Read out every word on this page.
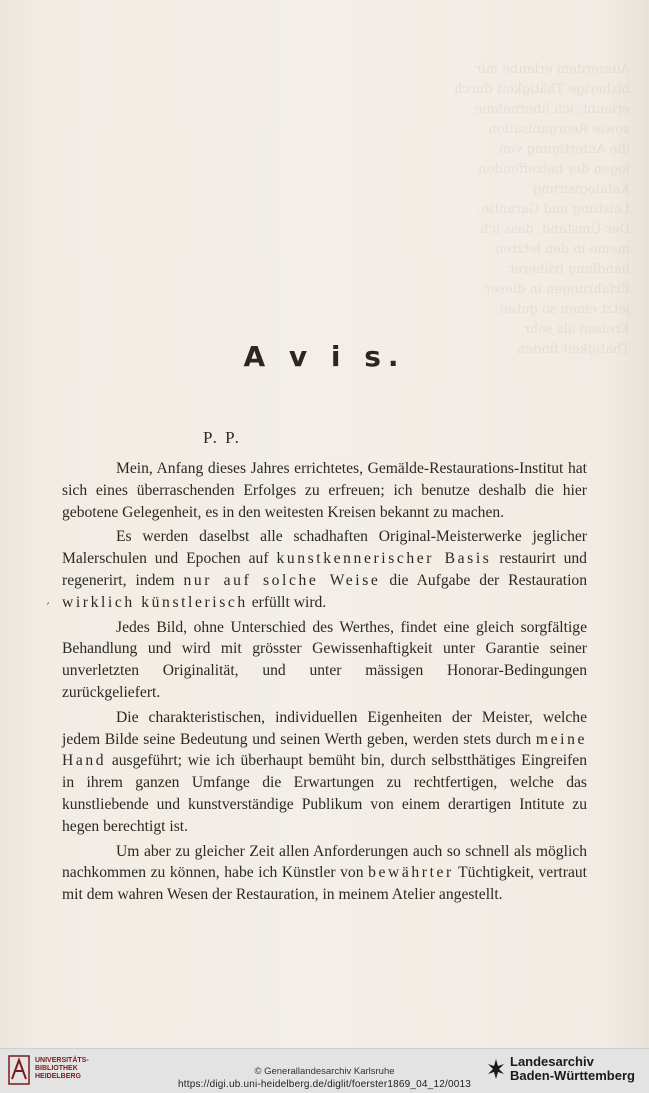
Ausserdem erlaube mir
bisherige Thätigkeit durch
erlaubt; ich übernehme
sowie Reorganisation
die Anfertigung von
logen der betreffenden
Katalogisirung
Leistung und Garantie.
Der Umstand, dass ich
meine in den letzten
handlung früherer
Erfahrungen in dieser
jetzt einen so guten
Kreisen als sehr
Thätigkeit finden
A v i s.
P. P.

Mein, Anfang dieses Jahres errichtetes, Gemälde-Restaurations-Institut hat sich eines überraschenden Erfolges zu erfreuen; ich benutze deshalb die hier gebotene Gelegenheit, es in den weitesten Kreisen bekannt zu machen.

Es werden daselbst alle schadhaften Original-Meisterwerke jeglicher Malerschulen und Epochen auf kunstkennerischer Basis restaurirt und regenerirt, indem nur auf solche Weise die Aufgabe der Restauration wirklich künstlerisch erfüllt wird.

Jedes Bild, ohne Unterschied des Werthes, findet eine gleich sorgfältige Behandlung und wird mit grösster Gewissenhaftigkeit unter Garantie seiner unverletzten Originalität, und unter mässigen Honorar-Bedingungen zurückgeliefert.

Die charakteristischen, individuellen Eigenheiten der Meister, welche jedem Bilde seine Bedeutung und seinen Werth geben, werden stets durch meine Hand ausgeführt; wie ich überhaupt bemüht bin, durch selbstthätiges Eingreifen in ihrem ganzen Umfange die Erwartungen zu rechtfertigen, welche das kunstliebende und kunstverständige Publikum von einem derartigen Intitute zu hegen berechtigt ist.

Um aber zu gleicher Zeit allen Anforderungen auch so schnell als möglich nachkommen zu können, habe ich Künstler von bewährter Tüchtigkeit, vertraut mit dem wahren Wesen der Restauration, in meinem Atelier angestellt.

’
UNIVERSITÄTS-
BIBLIOTHEK
HEIDELBERG	© Generallandesarchiv Karlsruhe
https://digi.ub.uni-heidelberg.de/diglit/foerster1869_04_12/0013
Landesarchiv
Baden-Württemberg
